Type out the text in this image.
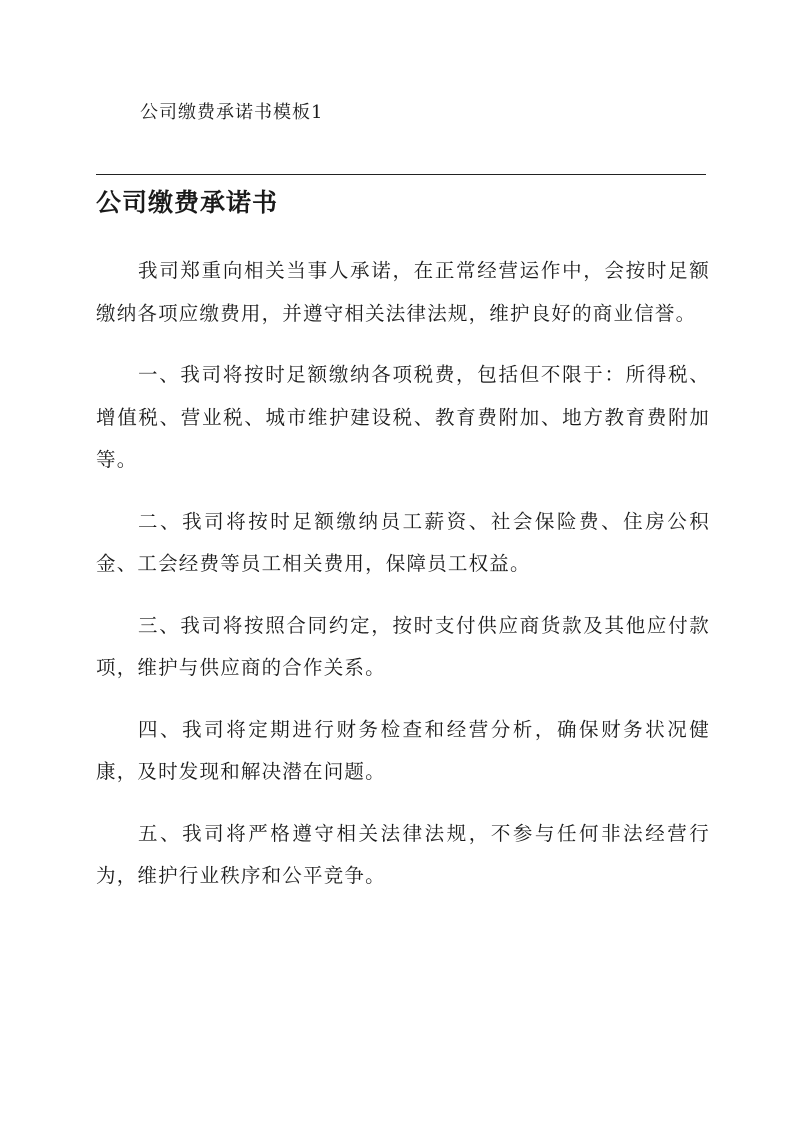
公司缴费承诺书模板1
公司缴费承诺书

我司郑重向相关当事人承诺，在正常经营运作中，会按时足额缴纳各项应缴费用，并遵守相关法律法规，维护良好的商业信誉。

一、我司将按时足额缴纳各项税费，包括但不限于：所得税、增值税、营业税、城市维护建设税、教育费附加、地方教育费附加等。

二、我司将按时足额缴纳员工薪资、社会保险费、住房公积金、工会经费等员工相关费用，保障员工权益。

三、我司将按照合同约定，按时支付供应商货款及其他应付款项，维护与供应商的合作关系。

四、我司将定期进行财务检查和经营分析，确保财务状况健康，及时发现和解决潜在问题。

五、我司将严格遵守相关法律法规，不参与任何非法经营行为，维护行业秩序和公平竞争。
